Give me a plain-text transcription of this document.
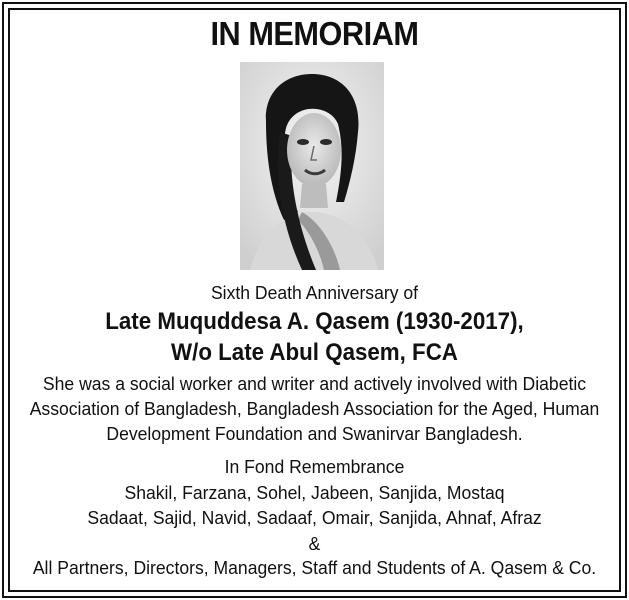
IN MEMORIAM
Sixth Death Anniversary of
Late Muquddesa A. Qasem (1930-2017),
W/o Late Abul Qasem, FCA
She was a social worker and writer and actively involved with Diabetic
Association of Bangladesh, Bangladesh Association for the Aged, Human
Development Foundation and Swanirvar Bangladesh.
In Fond Remembrance
Shakil, Farzana, Sohel, Jabeen, Sanjida, Mostaq
Sadaat, Sajid, Navid, Sadaaf, Omair, Sanjida, Ahnaf, Afraz
&
All Partners, Directors, Managers, Staff and Students of A. Qasem & Co.
